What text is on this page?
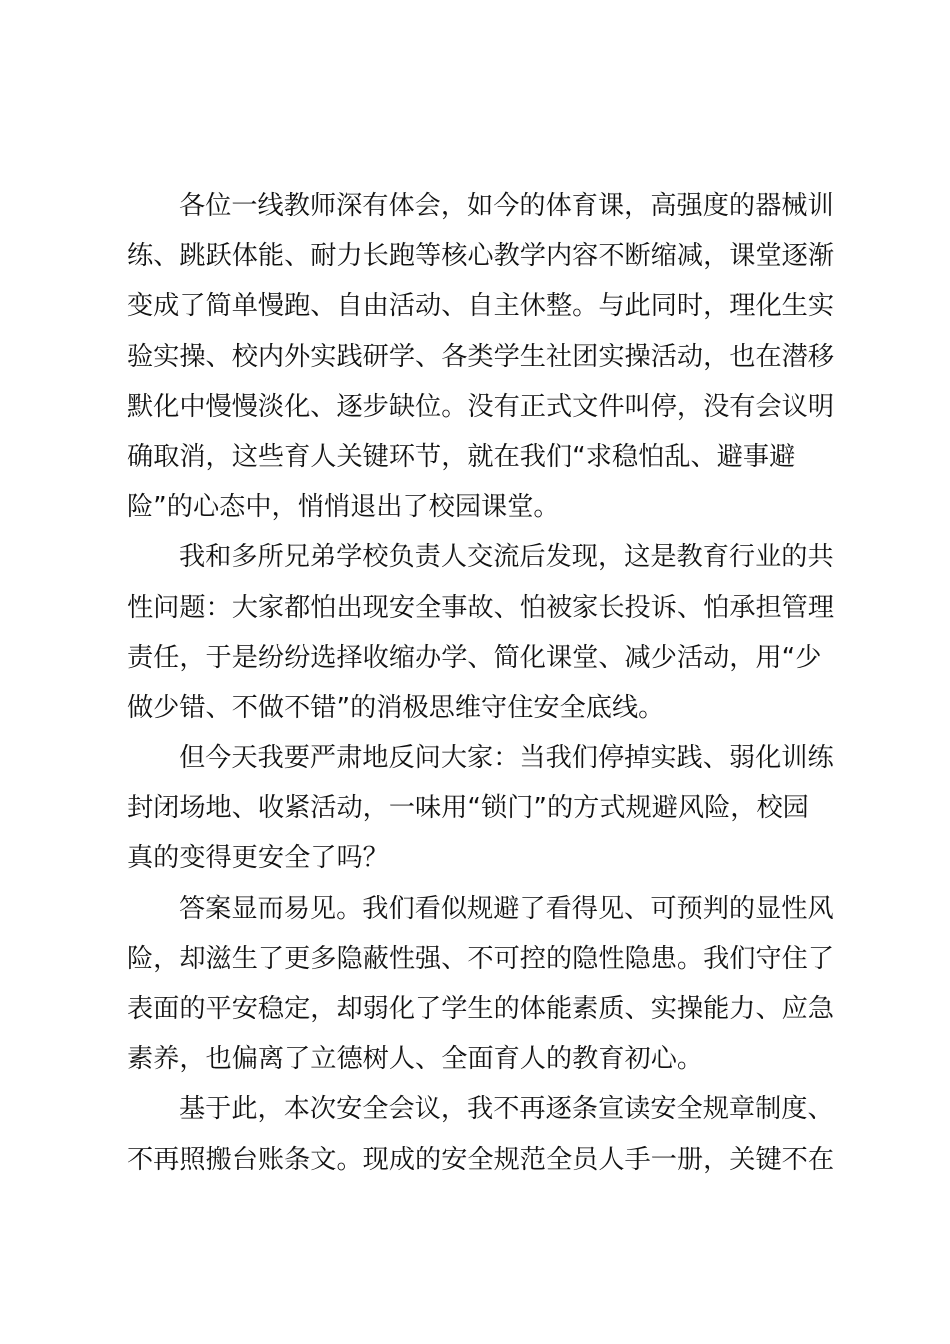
各位一线教师深有体会，如今的体育课，高强度的器械训
练、跳跃体能、耐力长跑等核心教学内容不断缩减，课堂逐渐
变成了简单慢跑、自由活动、自主休整。与此同时，理化生实
验实操、校内外实践研学、各类学生社团实操活动，也在潜移
默化中慢慢淡化、逐步缺位。没有正式文件叫停，没有会议明
确取消，这些育人关键环节，就在我们“求稳怕乱、避事避
险”的心态中，悄悄退出了校园课堂。

我和多所兄弟学校负责人交流后发现，这是教育行业的共
性问题：大家都怕出现安全事故、怕被家长投诉、怕承担管理
责任，于是纷纷选择收缩办学、简化课堂、减少活动，用“少
做少错、不做不错”的消极思维守住安全底线。

但今天我要严肃地反问大家：当我们停掉实践、弱化训练
封闭场地、收紧活动，一味用“锁门”的方式规避风险，校园
真的变得更安全了吗？

答案显而易见。我们看似规避了看得见、可预判的显性风
险，却滋生了更多隐蔽性强、不可控的隐性隐患。我们守住了
表面的平安稳定，却弱化了学生的体能素质、实操能力、应急
素养，也偏离了立德树人、全面育人的教育初心。

基于此，本次安全会议，我不再逐条宣读安全规章制度、
不再照搬台账条文。现成的安全规范全员人手一册，关键不在
